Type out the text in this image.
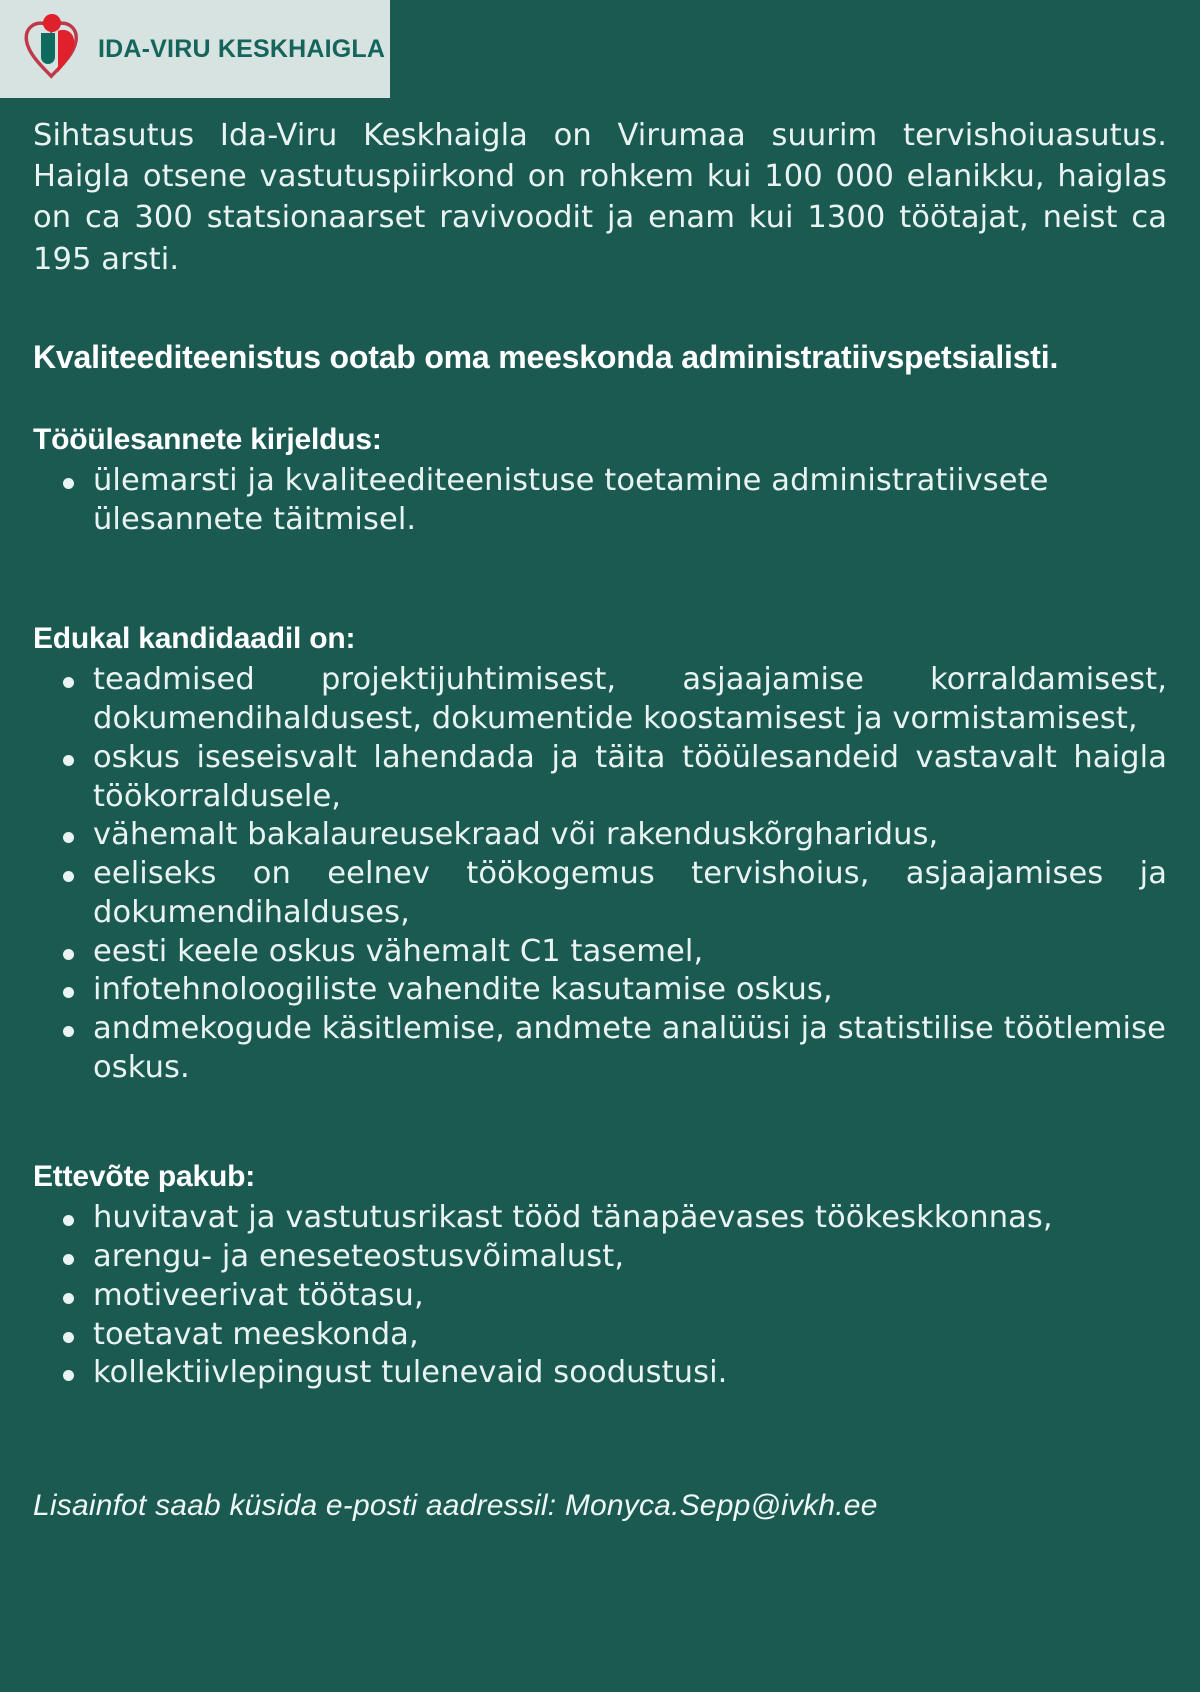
IDA-VIRU KESKHAIGLA

Sihtasutus Ida-Viru Keskhaigla on Virumaa suurim tervishoiuasutus. Haigla otsene vastutuspiirkond on rohkem kui 100 000 elanikku, haiglas on ca 300 statsionaarset ravivoodit ja enam kui 1300 töötajat, neist ca 195 arsti.

Kvaliteediteenistus ootab oma meeskonda administratiivspetsialisti.

Tööülesannete kirjeldus:
ülemarsti ja kvaliteediteenistuse toetamine administratiivsete ülesannete täitmisel.
Edukal kandidaadil on:
teadmised projektijuhtimisest, asjaajamise korraldamisest, dokumendihaldusest, dokumentide koostamisest ja vormistamisest,
oskus iseseisvalt lahendada ja täita tööülesandeid vastavalt haigla töökorraldusele,
vähemalt bakalaureusekraad või rakenduskõrgharidus,
eeliseks on eelnev töökogemus tervishoius, asjaajamises ja dokumendihalduses,
eesti keele oskus vähemalt C1 tasemel,
infotehnoloogiliste vahendite kasutamise oskus,
andmekogude käsitlemise, andmete analüüsi ja statistilise töötlemise oskus.
Ettevõte pakub:
huvitavat ja vastutusrikast tööd tänapäevases töökeskkonnas,
arengu- ja eneseteostusvõimalust,
motiveerivat töötasu,
toetavat meeskonda,
kollektiivlepingust tulenevaid soodustusi.

Lisainfot saab küsida e-posti aadressil: Monyca.Sepp@ivkh.ee
